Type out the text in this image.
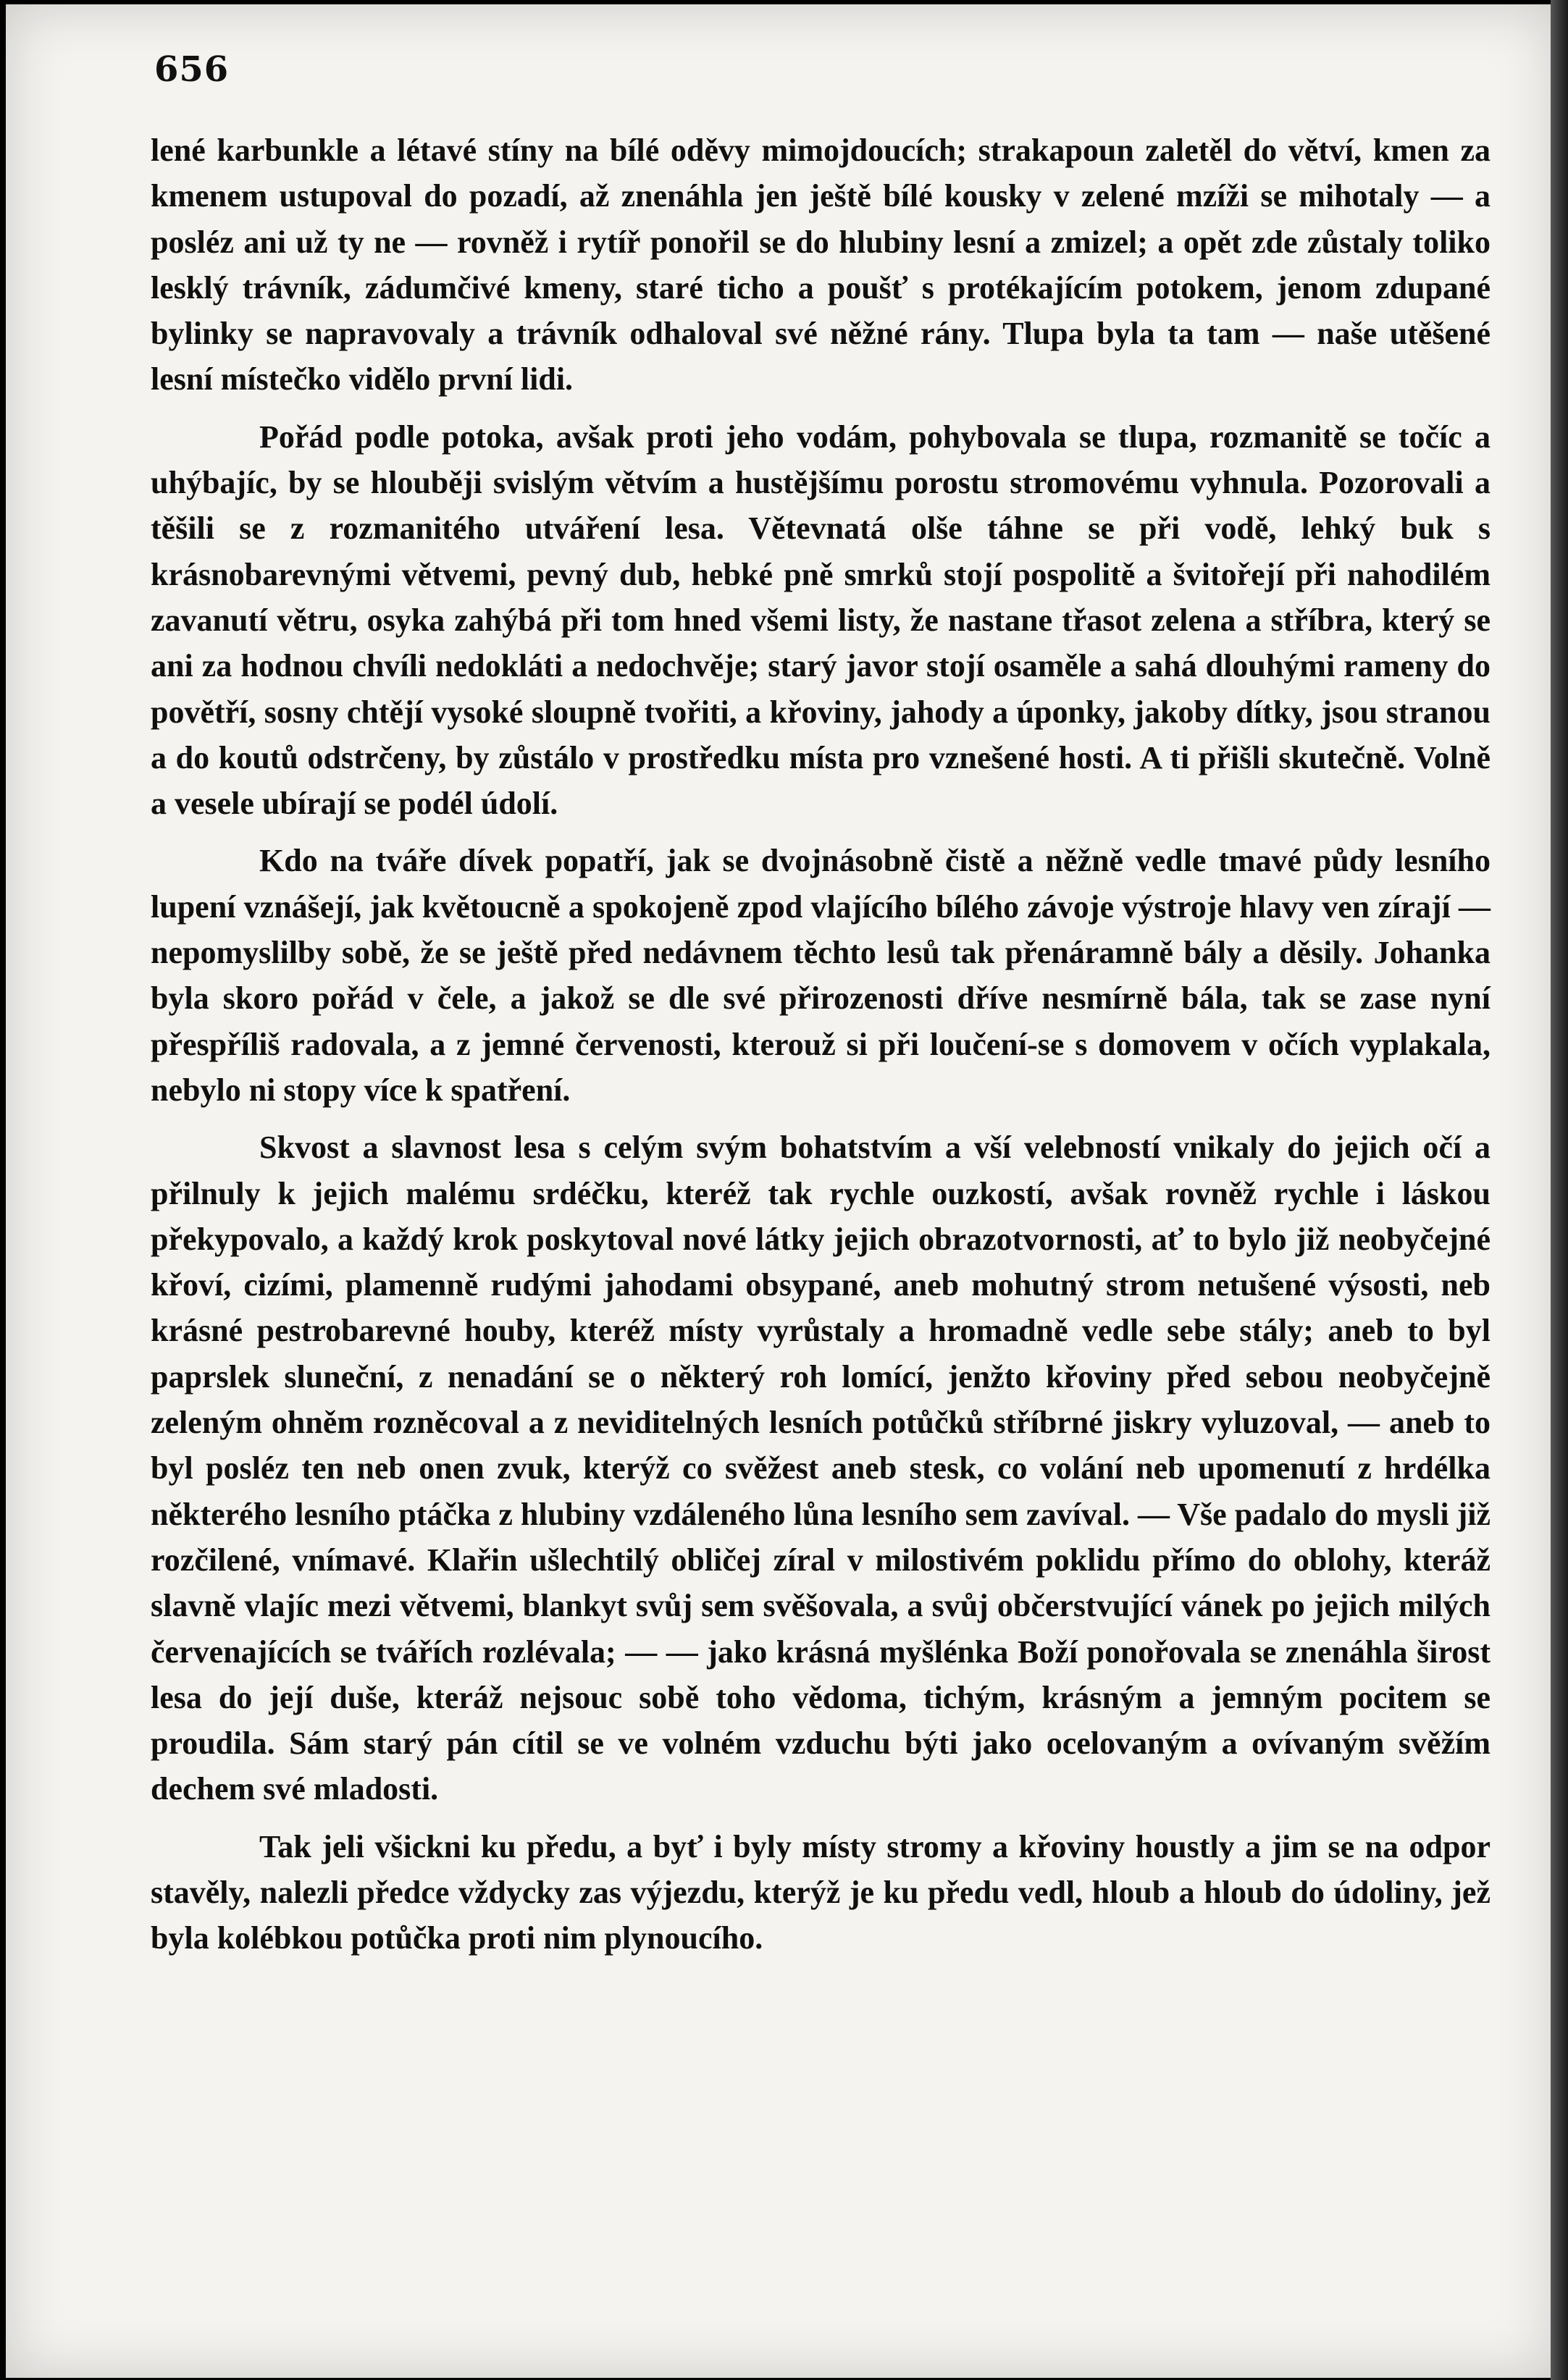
656

lené karbunkle a létavé stíny na bílé oděvy mimojdoucích; strakapoun zaletěl do větví, kmen za kmenem ustupoval do pozadí, až znenáhla jen ještě bílé kousky v zelené mzíži se mihotaly — a posléz ani už ty ne — rovněž i rytíř ponořil se do hlubiny lesní a zmizel; a opět zde zůstaly toliko lesklý trávník, zádumčivé kmeny, staré ticho a poušť s protékajícím potokem, jenom zdupané bylinky se napravovaly a trávník odhaloval své něžné rány. Tlupa byla ta tam — naše utěšené lesní místečko vidělo první lidi.

Pořád podle potoka, avšak proti jeho vodám, pohybovala se tlupa, rozmanitě se točíc a uhýbajíc, by se hlouběji svislým větvím a hustějšímu porostu stromovému vyhnula. Pozorovali a těšili se z rozmanitého utváření lesa. Větevnatá olše táhne se při vodě, lehký buk s krásnobarevnými větvemi, pevný dub, hebké pně smrků stojí pospolitě a švitořejí při nahodilém zavanutí větru, osyka zahýbá při tom hned všemi listy, že nastane třasot zelena a stříbra, který se ani za hodnou chvíli nedokláti a nedochvěje; starý javor stojí osaměle a sahá dlouhými rameny do povětří, sosny chtějí vysoké sloupně tvořiti, a křoviny, jahody a úponky, jakoby dítky, jsou stranou a do koutů odstrčeny, by zůstálo v prostředku místa pro vznešené hosti. A ti přišli skutečně. Volně a vesele ubírají se podél údolí.

Kdo na tváře dívek popatří, jak se dvojnásobně čistě a něžně vedle tmavé půdy lesního lupení vznášejí, jak květoucně a spokojeně zpod vlajícího bílého závoje výstroje hlavy ven zírají — nepomyslilby sobě, že se ještě před nedávnem těchto lesů tak přenáramně bály a děsily. Johanka byla skoro pořád v čele, a jakož se dle své přirozenosti dříve nesmírně bála, tak se zase nyní přespříliš radovala, a z jemné červenosti, kterouž si při loučení-se s domovem v očích vyplakala, nebylo ni stopy více k spatření.

Skvost a slavnost lesa s celým svým bohatstvím a vší velebností vnikaly do jejich očí a přilnuly k jejich malému srdéčku, kteréž tak rychle ouzkostí, avšak rovněž rychle i láskou překypovalo, a každý krok poskytoval nové látky jejich obrazotvornosti, ať to bylo již neobyčejné křoví, cizími, plamenně rudými jahodami obsypané, aneb mohutný strom netušené výsosti, neb krásné pestrobarevné houby, kteréž místy vyrůstaly a hromadně vedle sebe stály; aneb to byl paprslek sluneční, z nenadání se o některý roh lomící, jenžto křoviny před sebou neobyčejně zeleným ohněm rozněcoval a z neviditelných lesních potůčků stříbrné jiskry vyluzoval, — aneb to byl posléz ten neb onen zvuk, kterýž co svěžest aneb stesk, co volání neb upomenutí z hrdélka některého lesního ptáčka z hlubiny vzdáleného lůna lesního sem zavíval. — Vše padalo do mysli již rozčilené, vnímavé. Klařin ušlechtilý obličej zíral v milostivém poklidu přímo do oblohy, kteráž slavně vlajíc mezi větvemi, blankyt svůj sem svěšovala, a svůj občerstvující vánek po jejich milých červenajících se tvářích rozlévala; — — jako krásná myšlénka Boží ponořovala se znenáhla širost lesa do její duše, kteráž nejsouc sobě toho vědoma, tichým, krásným a jemným pocitem se proudila. Sám starý pán cítil se ve volném vzduchu býti jako ocelovaným a ovívaným svěžím dechem své mladosti.

Tak jeli všickni ku předu, a byť i byly místy stromy a křoviny houstly a jim se na odpor stavěly, nalezli předce vždycky zas výjezdu, kterýž je ku předu vedl, hloub a hloub do údoliny, jež byla kolébkou potůčka proti nim plynoucího.
